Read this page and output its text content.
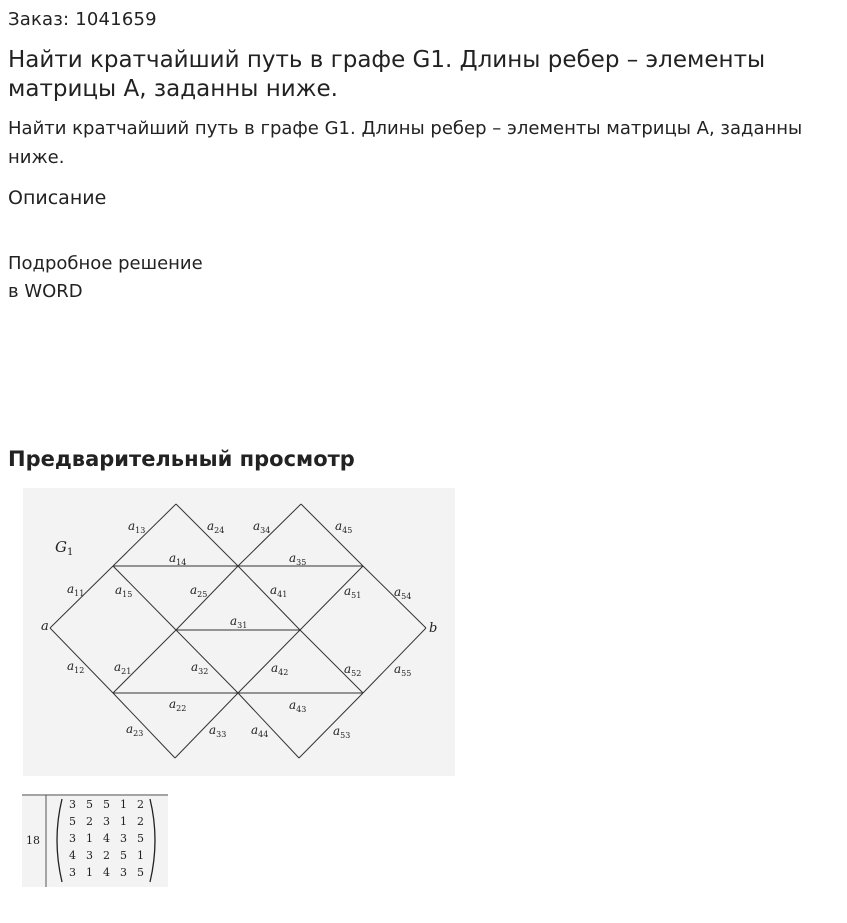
Заказ: 1041659
Найти кратчайший путь в графе G1. Длины ребер – элементы матрицы A, заданны ниже.
Найти кратчайший путь в графе G1. Длины ребер – элементы матрицы A, заданны ниже.
Описание
Подробное решение
в WORD
Предварительный просмотр
$a_{13}$	$a_{24}$ $a_{34}$	$a_{45}$
$a_{14}$	$a_{35}$
$a_{11}$	$a_{15}$	$a_{25}$	$a_{41}$	$a_{51}$	$a_{54}$
$a_{31}$
$a_{12}$ $a_{21}$	$a_{32}$	$a_{42}$	$a_{52}$	$a_{55}$
$a_{22}$	$a_{43}$
$a_{23}$	$a_{33}$ $a_{44}$	$a_{53}$
$G_1$
a	b
18
3 5 5 1 2
5 2 3 1 2
3 1 4 3 5
4 3 2 5 1
3 1 4 3 5
